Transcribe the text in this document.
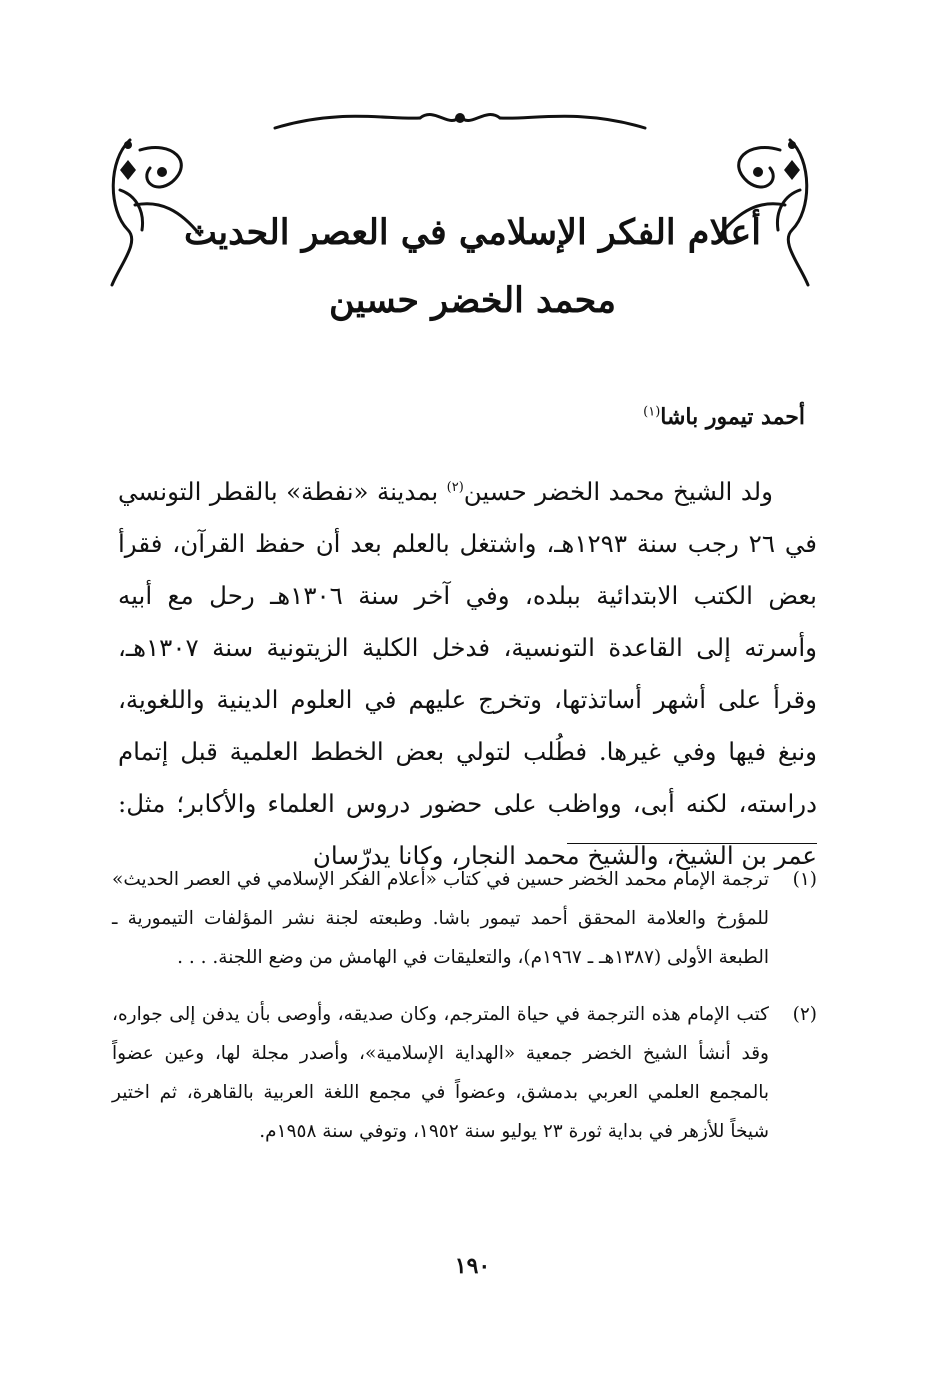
أعلام الفكر الإسلامي في العصر الحديث
محمد الخضر حسين
أحمد تيمور باشا$^{(١)}$

ولد الشيخ محمد الخضر حسين$^{(٢)}$ بمدينة «نفطة» بالقطر التونسي في ٢٦ رجب سنة ١٢٩٣هـ، واشتغل بالعلم بعد أن حفظ القرآن، فقرأ بعض الكتب الابتدائية ببلده، وفي آخر سنة ١٣٠٦هـ رحل مع أبيه وأسرته إلى القاعدة التونسية، فدخل الكلية الزيتونية سنة ١٣٠٧هـ، وقرأ على أشهر أساتذتها، وتخرج عليهم في العلوم الدينية واللغوية، ونبغ فيها وفي غيرها. فطُلب لتولي بعض الخطط العلمية قبل إتمام دراسته، لكنه أبى، وواظب على حضور دروس العلماء والأكابر؛ مثل: عمر بن الشيخ، والشيخ محمد النجار، وكانا يدرّسان

(١)
ترجمة الإمام محمد الخضر حسين في كتاب «أعلام الفكر الإسلامي في العصر الحديث» للمؤرخ والعلامة المحقق أحمد تيمور باشا. وطبعته لجنة نشر المؤلفات التيمورية ـ الطبعة الأولى (١٣٨٧هـ ـ ١٩٦٧م)، والتعليقات في الهامش من وضع اللجنة. . . .
(٢)
كتب الإمام هذه الترجمة في حياة المترجم، وكان صديقه، وأوصى بأن يدفن إلى جواره، وقد أنشأ الشيخ الخضر جمعية «الهداية الإسلامية»، وأصدر مجلة لها، وعين عضواً بالمجمع العلمي العربي بدمشق، وعضواً في مجمع اللغة العربية بالقاهرة، ثم اختير شيخاً للأزهر في بداية ثورة ٢٣ يوليو سنة ١٩٥٢، وتوفي سنة ١٩٥٨م.
١٩٠
